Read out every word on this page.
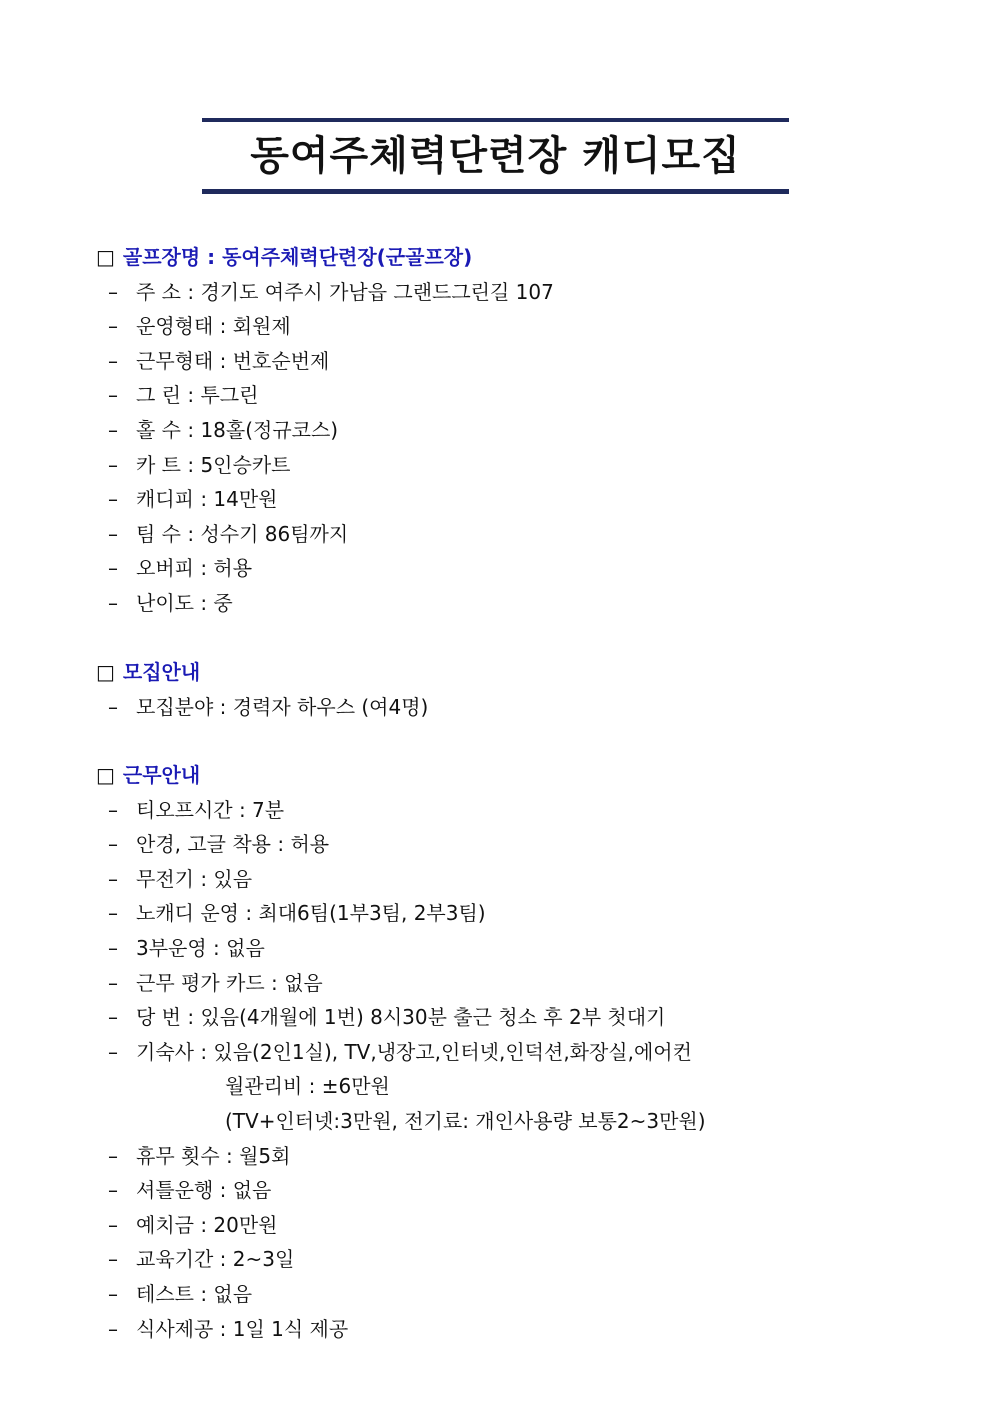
동여주체력단련장 캐디모집
□ 골프장명 : 동여주체력단련장(군골프장)
– 주 소 : 경기도 여주시 가남읍 그랜드그린길 107
– 운영형태 : 회원제
– 근무형태 : 번호순번제
– 그 린 : 투그린
– 홀 수 : 18홀(정규코스)
– 카 트 : 5인승카트
– 캐디피 : 14만원
– 팀 수 : 성수기 86팀까지
– 오버피 : 허용
– 난이도 : 중
□ 모집안내
– 모집분야 : 경력자 하우스 (여4명)
□ 근무안내
– 티오프시간 : 7분
– 안경, 고글 착용 : 허용
– 무전기 : 있음
– 노캐디 운영 : 최대6팀(1부3팀, 2부3팀)
– 3부운영 : 없음
– 근무 평가 카드 : 없음
– 당 번 : 있음(4개월에 1번) 8시30분 출근 청소 후 2부 첫대기
– 기숙사 : 있음(2인1실), TV,냉장고,인터넷,인덕션,화장실,에어컨
월관리비 : ±6만원
(TV+인터넷:3만원, 전기료: 개인사용량 보통2~3만원)
– 휴무 횟수 : 월5회
– 셔틀운행 : 없음
– 예치금 : 20만원
– 교육기간 : 2~3일
– 테스트 : 없음
– 식사제공 : 1일 1식 제공
